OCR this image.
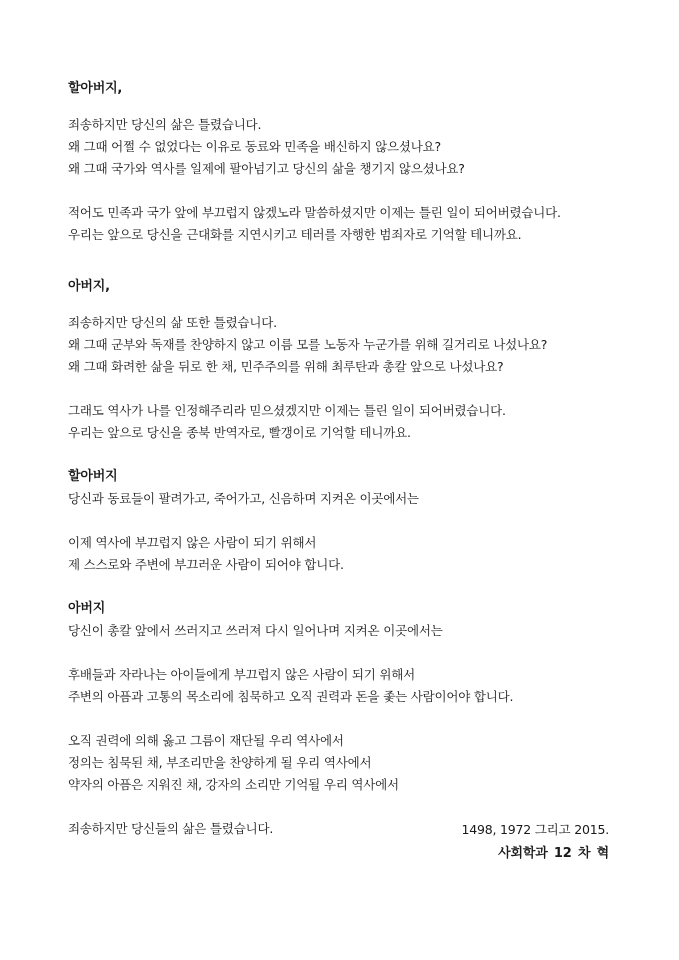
할아버지,
죄송하지만 당신의 삶은 틀렸습니다.
왜 그때 어쩔 수 없었다는 이유로 동료와 민족을 배신하지 않으셨나요?
왜 그때 국가와 역사를 일제에 팔아넘기고 당신의 삶을 챙기지 않으셨나요?
적어도 민족과 국가 앞에 부끄럽지 않겠노라 말씀하셨지만 이제는 틀린 일이 되어버렸습니다.
우리는 앞으로 당신을 근대화를 지연시키고 테러를 자행한 범죄자로 기억할 테니까요.
아버지,
죄송하지만 당신의 삶 또한 틀렸습니다.
왜 그때 군부와 독재를 찬양하지 않고 이름 모를 노동자 누군가를 위해 길거리로 나섰나요?
왜 그때 화려한 삶을 뒤로 한 채, 민주주의를 위해 최루탄과 총칼 앞으로 나섰나요?
그래도 역사가 나를 인정해주리라 믿으셨겠지만 이제는 틀린 일이 되어버렸습니다.
우리는 앞으로 당신을 종북 반역자로, 빨갱이로 기억할 테니까요.
할아버지
당신과 동료들이 팔려가고, 죽어가고, 신음하며 지켜온 이곳에서는
이제 역사에 부끄럽지 않은 사람이 되기 위해서
제 스스로와 주변에 부끄러운 사람이 되어야 합니다.
아버지
당신이 총칼 앞에서 쓰러지고 쓰러져 다시 일어나며 지켜온 이곳에서는
후배들과 자라나는 아이들에게 부끄럽지 않은 사람이 되기 위해서
주변의 아픔과 고통의 목소리에 침묵하고 오직 권력과 돈을 좇는 사람이어야 합니다.
오직 권력에 의해 옳고 그름이 재단될 우리 역사에서
정의는 침묵된 채, 부조리만을 찬양하게 될 우리 역사에서
약자의 아픔은 지워진 채, 강자의 소리만 기억될 우리 역사에서
죄송하지만 당신들의 삶은 틀렸습니다.	1498, 1972 그리고 2015.
사회학과 12 차 혁
